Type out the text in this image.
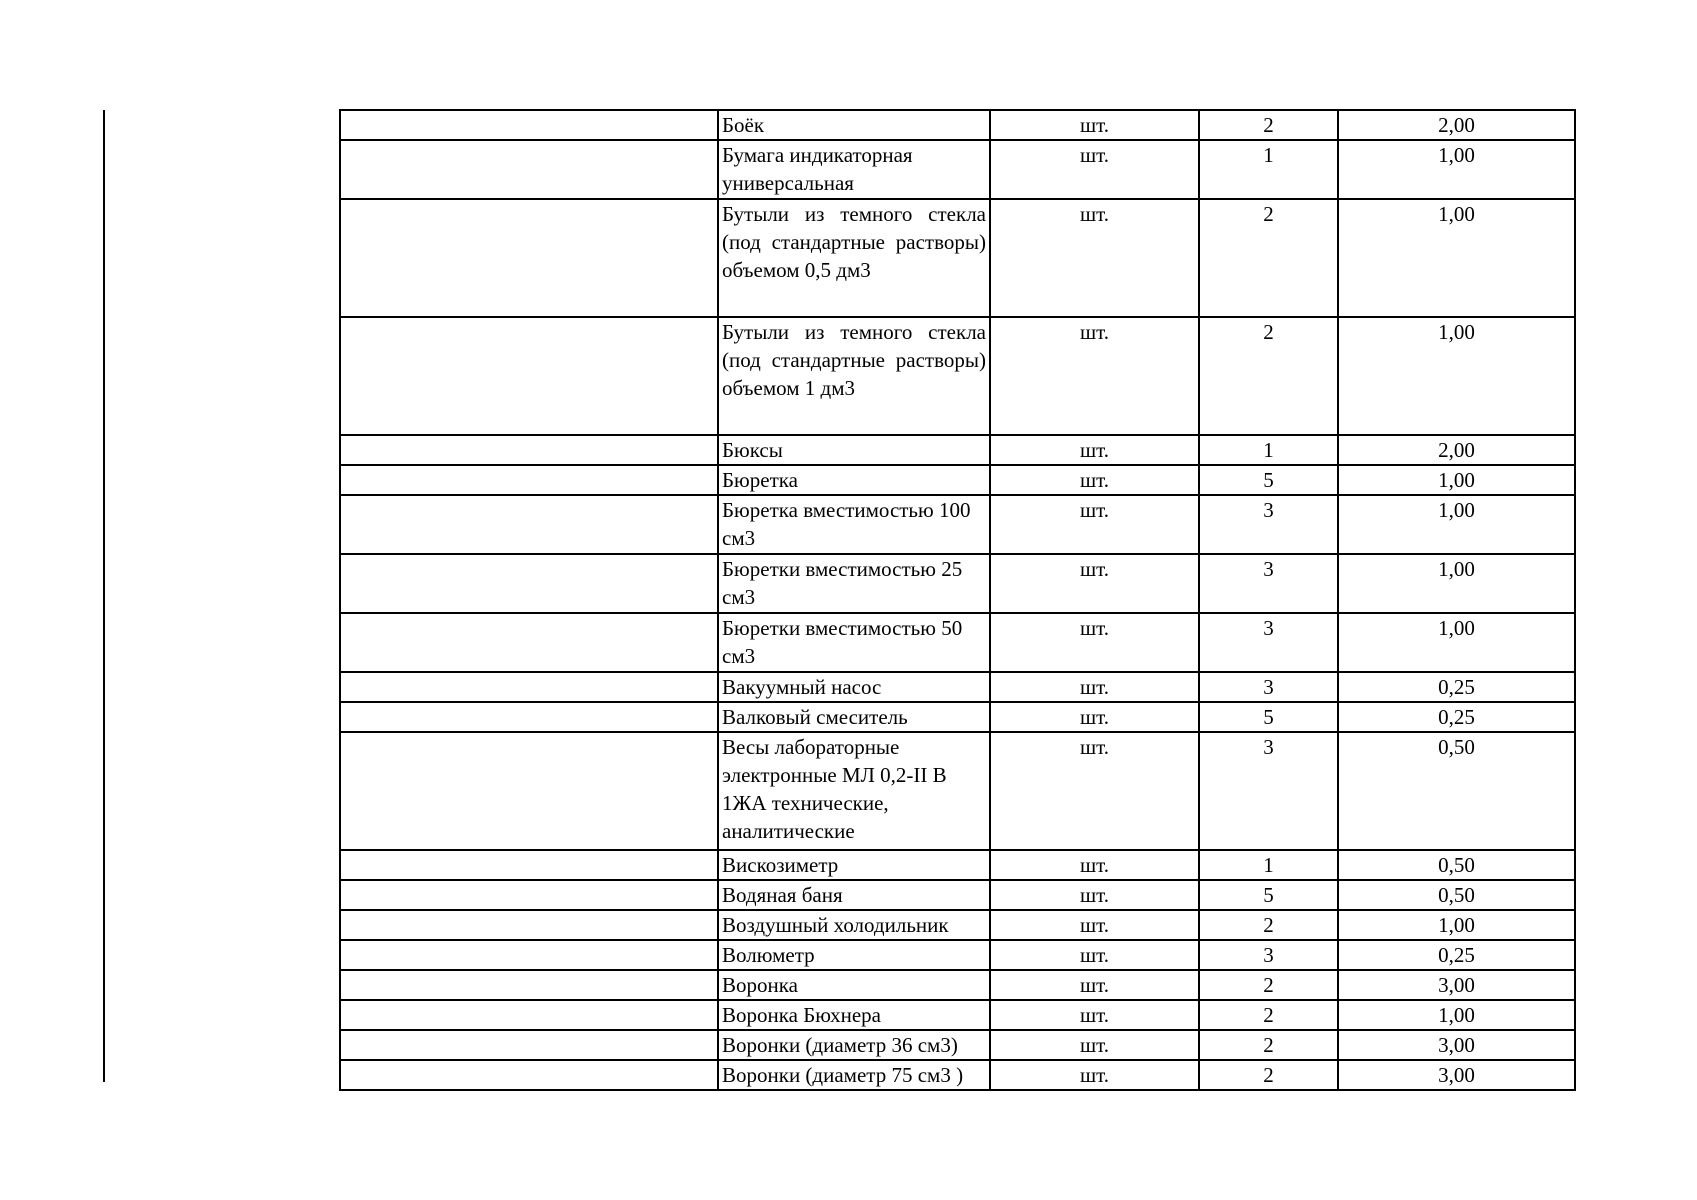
	Боёк	шт.	2	2,00
	Бумага индикаторная универсальная	шт.	1	1,00
	Бутыли из темного стекла (под стандартные растворы) объемом 0,5 дм3	шт.	2	1,00
	Бутыли из темного стекла (под стандартные растворы) объемом 1 дм3	шт.	2	1,00
	Бюксы	шт.	1	2,00
	Бюретка	шт.	5	1,00
	Бюретка вместимостью 100 см3	шт.	3	1,00
	Бюретки вместимостью 25 см3	шт.	3	1,00
	Бюретки вместимостью 50 см3	шт.	3	1,00
	Вакуумный насос	шт.	3	0,25
	Валковый смеситель	шт.	5	0,25
	Весы лабораторные электронные МЛ 0,2-II В 1ЖА технические, аналитические	шт.	3	0,50
	Вискозиметр	шт.	1	0,50
	Водяная баня	шт.	5	0,50
	Воздушный холодильник	шт.	2	1,00
	Волюметр	шт.	3	0,25
	Воронка	шт.	2	3,00
	Воронка Бюхнера	шт.	2	1,00
	Воронки (диаметр 36 см3)	шт.	2	3,00
	Воронки (диаметр 75 см3 )	шт.	2	3,00
